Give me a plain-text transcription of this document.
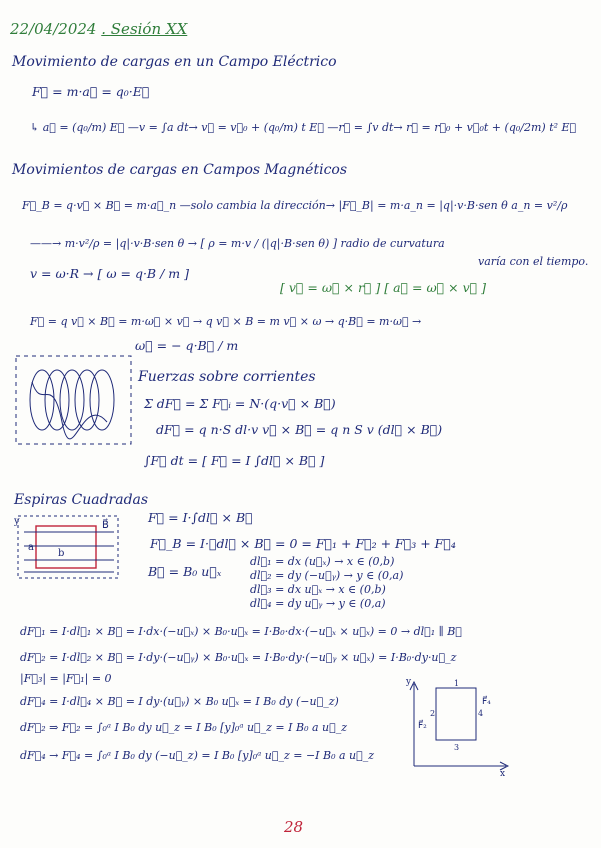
22/04/2024 . Sesión XX
Movimiento de cargas en un Campo Eléctrico
F⃗ = m·a⃗ = q₀·E⃗
↳ a⃗ = (q₀/m) E⃗ —v = ∫a dt→ v⃗ = v⃗₀ + (q₀/m) t E⃗ —r⃗ = ∫v dt→ r⃗ = r⃗₀ + v⃗₀t + (q₀/2m) t² E⃗
Movimientos de cargas en Campos Magnéticos
F⃗_B = q·v⃗ × B⃗ = m·a⃗_n —solo cambia la dirección→ |F⃗_B| = m·a_n = |q|·v·B·sen θ a_n = v²/ρ
——→ m·v²/ρ = |q|·v·B·sen θ → [ ρ = m·v / (|q|·B·sen θ) ] radio de curvatura
varía con el tiempo.
v = ω·R → [ ω = q·B / m ]
[ v⃗ = ω⃗ × r⃗ ] [ a⃗ = ω⃗ × v⃗ ]
F⃗ = q v⃗ × B⃗ = m·ω⃗ × v⃗ → q v⃗ × B = m v⃗ × ω → q·B⃗ = m·ω⃗ →
ω⃗ = − q·B⃗ / m
Fuerzas sobre corrientes
Σ dF⃗ = Σ F⃗ᵢ = N·(q·v⃗ × B⃗)
dF⃗ = q n·S dl·v v⃗ × B⃗ = q n S v (dl⃗ × B⃗)
∫F⃗ dt = [ F⃗ = I ∫dl⃗ × B⃗ ]
Espiras Cuadradas
b
a
y	B⃗
F⃗ = I·∫dl⃗ × B⃗
F⃗_B = I·∮dl⃗ × B⃗ = 0 = F⃗₁ + F⃗₂ + F⃗₃ + F⃗₄
B⃗ = B₀ u⃗ₓ
dl⃗₁ = dx (u⃗ₓ) → x ∈ (0,b)
dl⃗₂ = dy (−u⃗ᵧ) → y ∈ (0,a)
dl⃗₃ = dx u⃗ₓ → x ∈ (0,b)
dl⃗₄ = dy u⃗ᵧ → y ∈ (0,a)
dF⃗₁ = I·dl⃗₁ × B⃗ = I·dx·(−u⃗ₓ) × B₀·u⃗ₓ = I·B₀·dx·(−u⃗ₓ × u⃗ₓ) = 0 → dl⃗₁ ∥ B⃗
dF⃗₂ = I·dl⃗₂ × B⃗ = I·dy·(−u⃗ᵧ) × B₀·u⃗ₓ = I·B₀·dy·(−u⃗ᵧ × u⃗ₓ) = I·B₀·dy·u⃗_z
|F⃗₃| = |F⃗₁| = 0
dF⃗₄ = I·dl⃗₄ × B⃗ = I dy·(u⃗ᵧ) × B₀ u⃗ₓ = I B₀ dy (−u⃗_z)
dF⃗₂ ⇒ F⃗₂ = ∫₀ᵃ I B₀ dy u⃗_z = I B₀ [y]₀ᵃ u⃗_z = I B₀ a u⃗_z
dF⃗₄ → F⃗₄ = ∫₀ᵃ I B₀ dy (−u⃗_z) = I B₀ [y]₀ᵃ u⃗_z = −I B₀ a u⃗_z
y
x
F⃗₂
F⃗₄
1
2
3
4
28
